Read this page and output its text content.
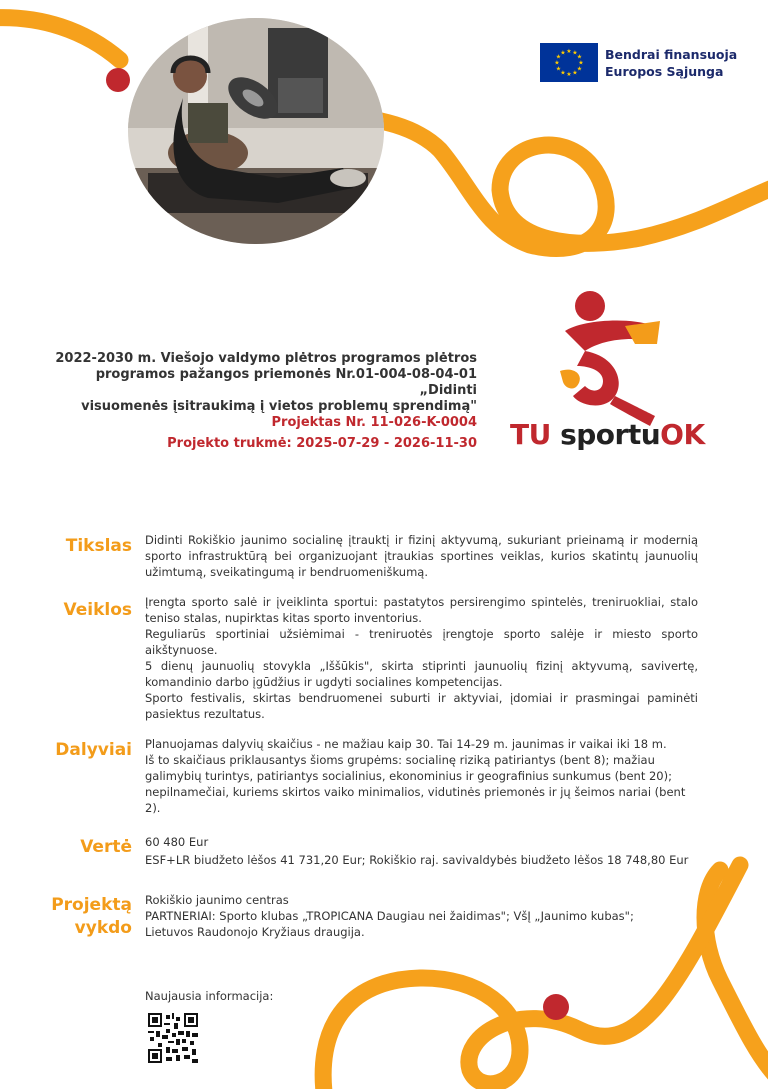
★ ★
★
★
★
★
★
★
★
★
★
★	Bendrai finansuoja
Europos Sąjunga
2022-2030 m. Viešojo valdymo plėtros programos plėtros
programos pažangos priemonės Nr.01-004-08-04-01 „Didinti
visuomenės įsitraukimą į vietos problemų sprendimą"
Projektas Nr. 11-026-K-0004
Projekto trukmė: 2025-07-29 - 2026-11-30 TU sportuOK
Tikslas Didinti Rokiškio jaunimo socialinę įtrauktį ir fizinį aktyvumą, sukuriant prieinamą ir modernią sporto infrastruktūrą bei organizuojant įtraukias sportines veiklas, kurios skatintų jaunuolių užimtumą, sveikatingumą ir bendruomeniškumą.
Veiklos Įrengta sporto salė ir įveiklinta sportui: pastatytos persirengimo spintelės, treniruokliai, stalo teniso stalas, nupirktas kitas sporto inventorius.

Reguliarūs sportiniai užsiėmimai - treniruotės įrengtoje sporto salėje ir miesto sporto aikštynuose.

5 dienų jaunuolių stovykla „Iššūkis", skirta stiprinti jaunuolių fizinį aktyvumą, savivertę, komandinio darbo įgūdžius ir ugdyti socialines kompetencijas.

Sporto festivalis, skirtas bendruomenei suburti ir aktyviai, įdomiai ir prasmingai paminėti pasiektus rezultatus.

Dalyviai Planuojamas dalyvių skaičius - ne mažiau kaip 30. Tai 14-29 m. jaunimas ir vaikai iki 18 m.

Iš to skaičiaus priklausantys šioms grupėms: socialinę riziką patiriantys (bent 8); mažiau galimybių turintys, patiriantys socialinius, ekonominius ir geografinius sunkumus (bent 20); nepilnamečiai, kuriems skirtos vaiko minimalios, vidutinės priemonės ir jų šeimos nariai (bent 2).

Vertė 60 480 Eur

ESF+LR biudžeto lėšos 41 731,20 Eur; Rokiškio raj. savivaldybės biudžeto lėšos 18 748,80 Eur

Projektą
vykdo

Rokiškio jaunimo centras

PARTNERIAI: Sporto klubas „TROPICANA Daugiau nei žaidimas"; VšĮ „Jaunimo kubas";

Lietuvos Raudonojo Kryžiaus draugija.

Naujausia informacija:
